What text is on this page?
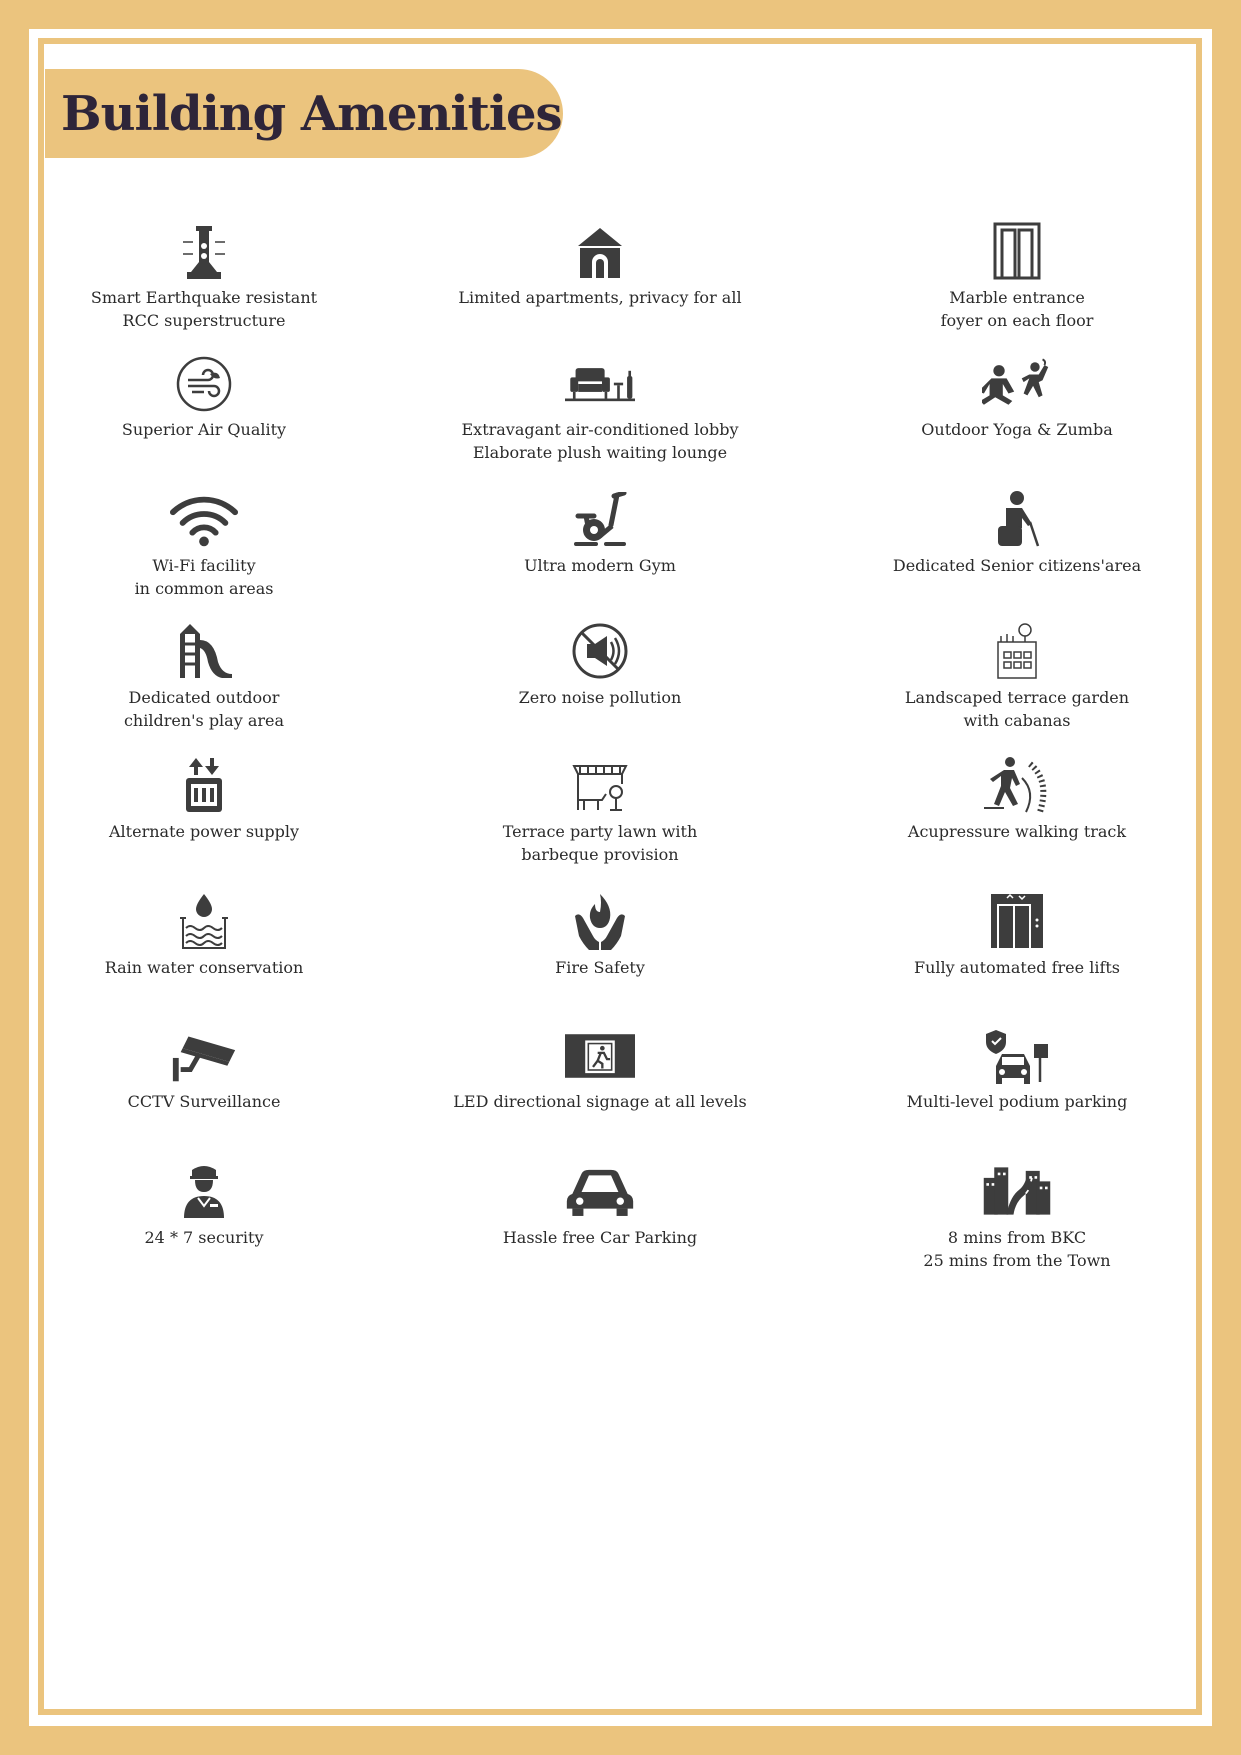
Building Amenities
Smart Earthquake resistant
RCC superstructure
Limited apartments, privacy for all	Marble entrance
foyer on each floor
Superior Air Quality	Extravagant air-conditioned lobby
Elaborate plush waiting lounge
Outdoor Yoga & Zumba
Wi-Fi facility
in common areas
Ultra modern Gym	Dedicated Senior citizens'area
Dedicated outdoor
children's play area
Zero noise pollution	Landscaped terrace garden
with cabanas
Alternate power supply	Terrace party lawn with
barbeque provision
Acupressure walking track
Rain water conservation	Fire Safety	Fully automated free lifts
CCTV Surveillance	LED directional signage at all levels	Multi-level podium parking
24 * 7 security	Hassle free Car Parking	8 mins from BKC
25 mins from the Town
